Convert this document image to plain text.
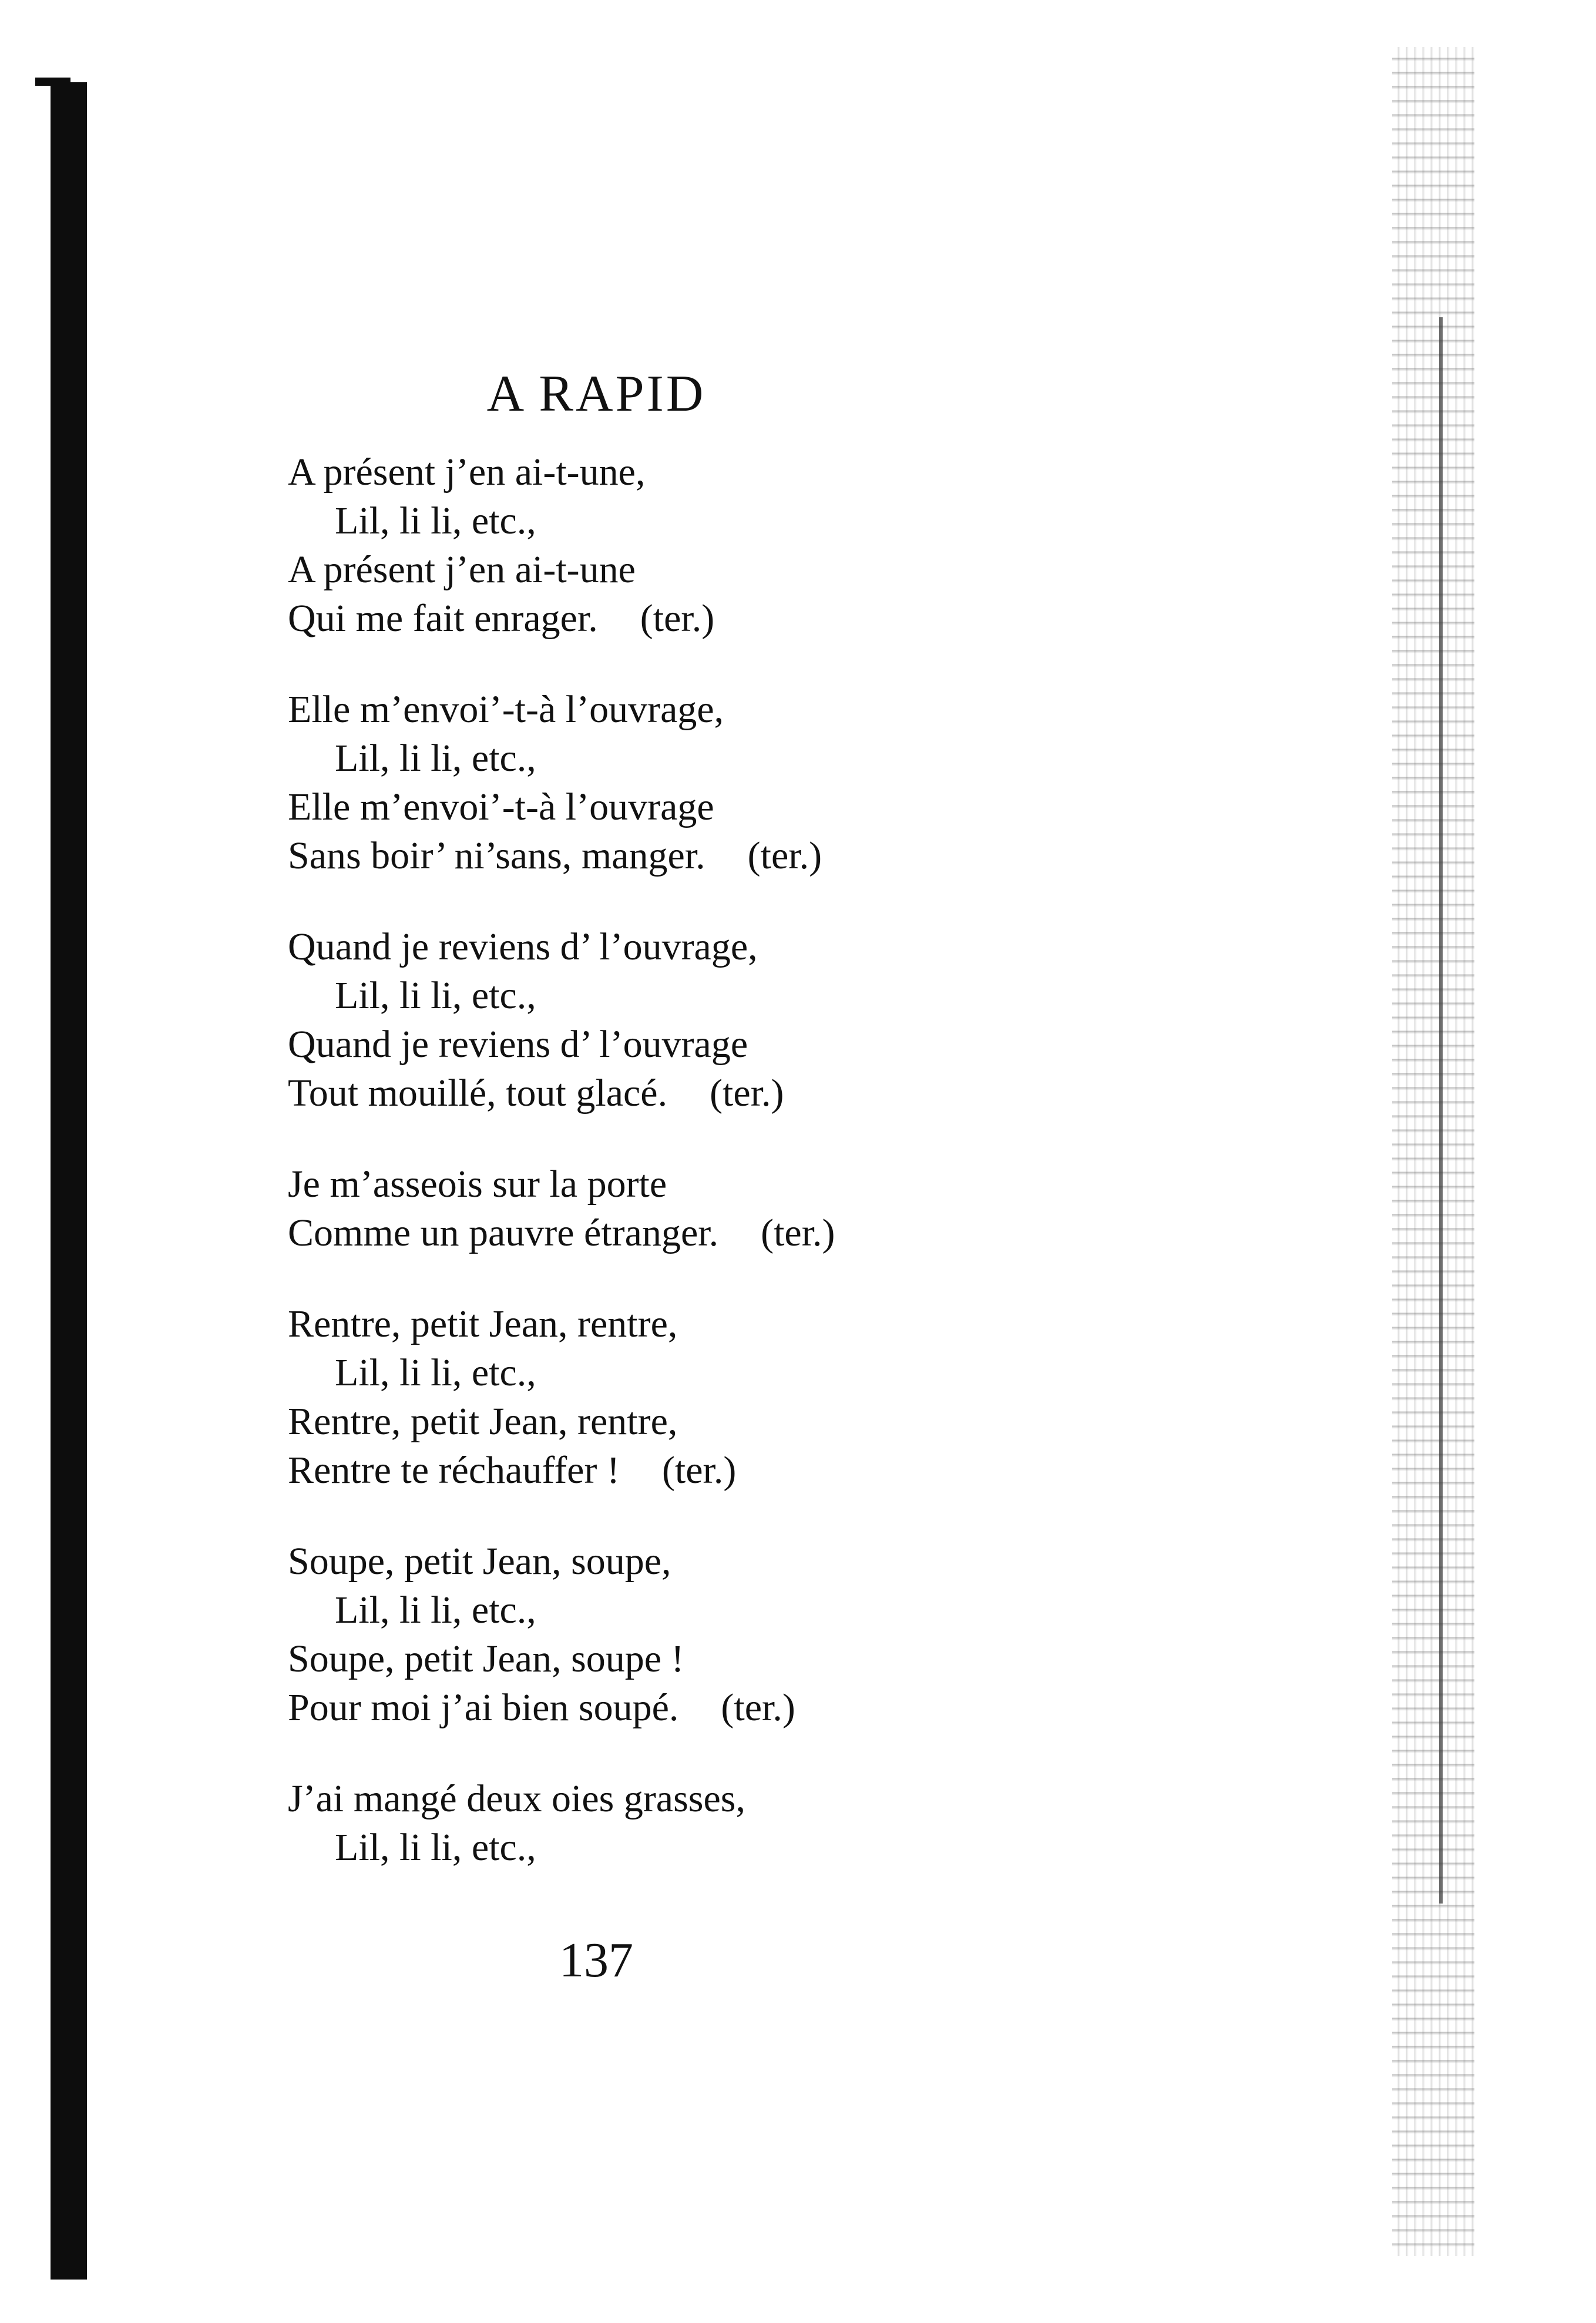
A RAPID
A présent j’en ai-t-une,
Lil, li li, etc.,
A présent j’en ai-t-une
Qui me fait enrager. (ter.)
Elle m’envoi’-t-à l’ouvrage,
Lil, li li, etc.,
Elle m’envoi’-t-à l’ouvrage
Sans boir’ ni’sans, manger. (ter.)
Quand je reviens d’ l’ouvrage,
Lil, li li, etc.,
Quand je reviens d’ l’ouvrage
Tout mouillé, tout glacé. (ter.)
Je m’asseois sur la porte
Comme un pauvre étranger. (ter.)
Rentre, petit Jean, rentre,
Lil, li li, etc.,
Rentre, petit Jean, rentre,
Rentre te réchauffer ! (ter.)
Soupe, petit Jean, soupe,
Lil, li li, etc.,
Soupe, petit Jean, soupe !
Pour moi j’ai bien soupé. (ter.)
J’ai mangé deux oies grasses,
Lil, li li, etc.,
137
